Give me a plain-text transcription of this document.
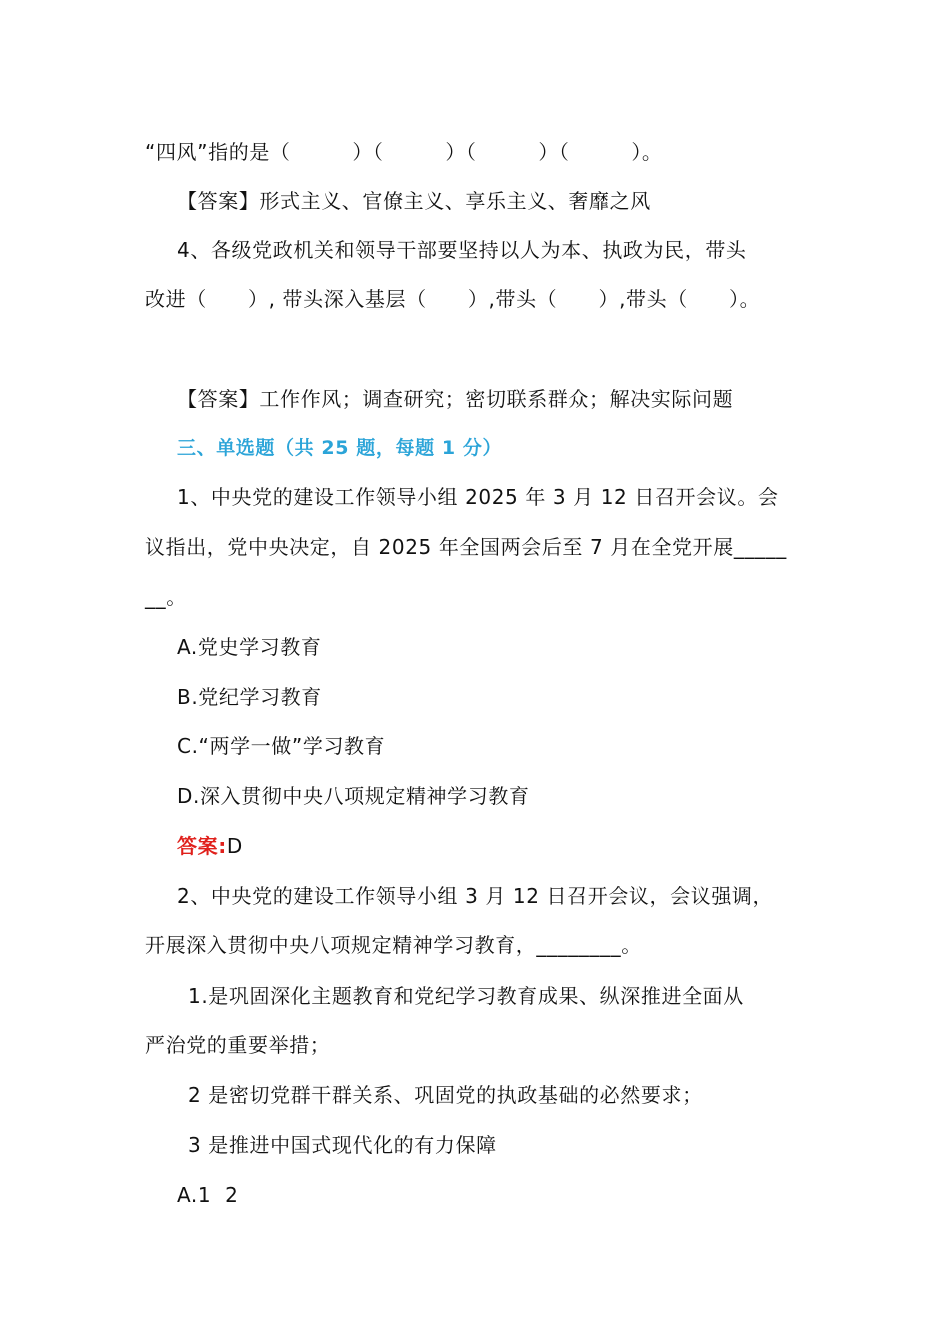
“四风”指的是（　　　）（　　　）（　　　）（　　　）。
【答案】形式主义、官僚主义、享乐主义、奢靡之风
4、各级党政机关和领导干部要坚持以人为本、执政为民，带头
改进（　　）, 带头深入基层（　　）,带头（　　）,带头（　　）。
【答案】工作作风；调查研究；密切联系群众；解决实际问题
三、单选题（共 25 题，每题 1 分）
1、中央党的建设工作领导小组 2025 年 3 月 12 日召开会议。会
议指出，党中央决定，自 2025 年全国两会后至 7 月在全党开展_____
__。
A.党史学习教育
B.党纪学习教育
C.“两学一做”学习教育
D.深入贯彻中央八项规定精神学习教育
答案:D
2、中央党的建设工作领导小组 3 月 12 日召开会议，会议强调，
开展深入贯彻中央八项规定精神学习教育，________。
1.是巩固深化主题教育和党纪学习教育成果、纵深推进全面从
严治党的重要举措；
2 是密切党群干群关系、巩固党的执政基础的必然要求；
3 是推进中国式现代化的有力保障
A.1  2
